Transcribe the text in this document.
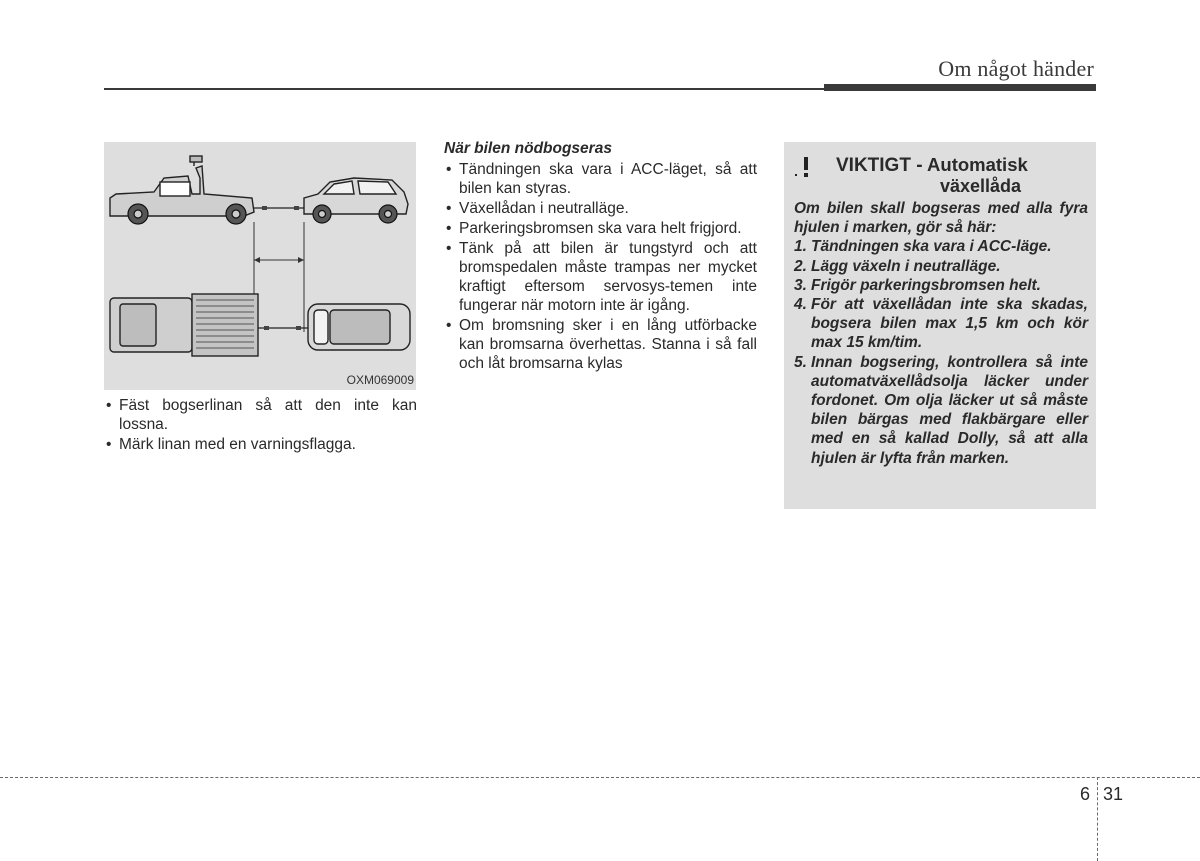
Om något händer
OXM069009
• Fäst bogserlinan så att den inte kan lossna.
• Märk linan med en varningsflagga.
När bilen nödbogseras
• Tändningen ska vara i ACC-läget, så att bilen kan styras.
• Växellådan i neutralläge.
• Parkeringsbromsen ska vara helt frigjord.
• Tänk på att bilen är tungstyrd och att bromspedalen måste trampas ner mycket kraftigt eftersom servosys-temen inte fungerar när motorn inte är igång.
• Om bromsning sker i en lång utförbacke kan bromsarna överhettas. Stanna i så fall och låt bromsarna kylas
VIKTIGT - Automatisk
växellåda

Om bilen skall bogseras med alla fyra hjulen i marken, gör så här:

1. Tändningen ska vara i ACC-läge.
2. Lägg växeln i neutralläge.
3. Frigör parkeringsbromsen helt.
4. För att växellådan inte ska skadas, bogsera bilen max 1,5 km och kör max 15 km/tim.
5. Innan bogsering, kontrollera så inte automatväxellådsolja läcker under fordonet. Om olja läcker ut så måste bilen bärgas med flakbärgare eller med en så kallad Dolly, så att alla hjulen är lyfta från marken.
6 31
